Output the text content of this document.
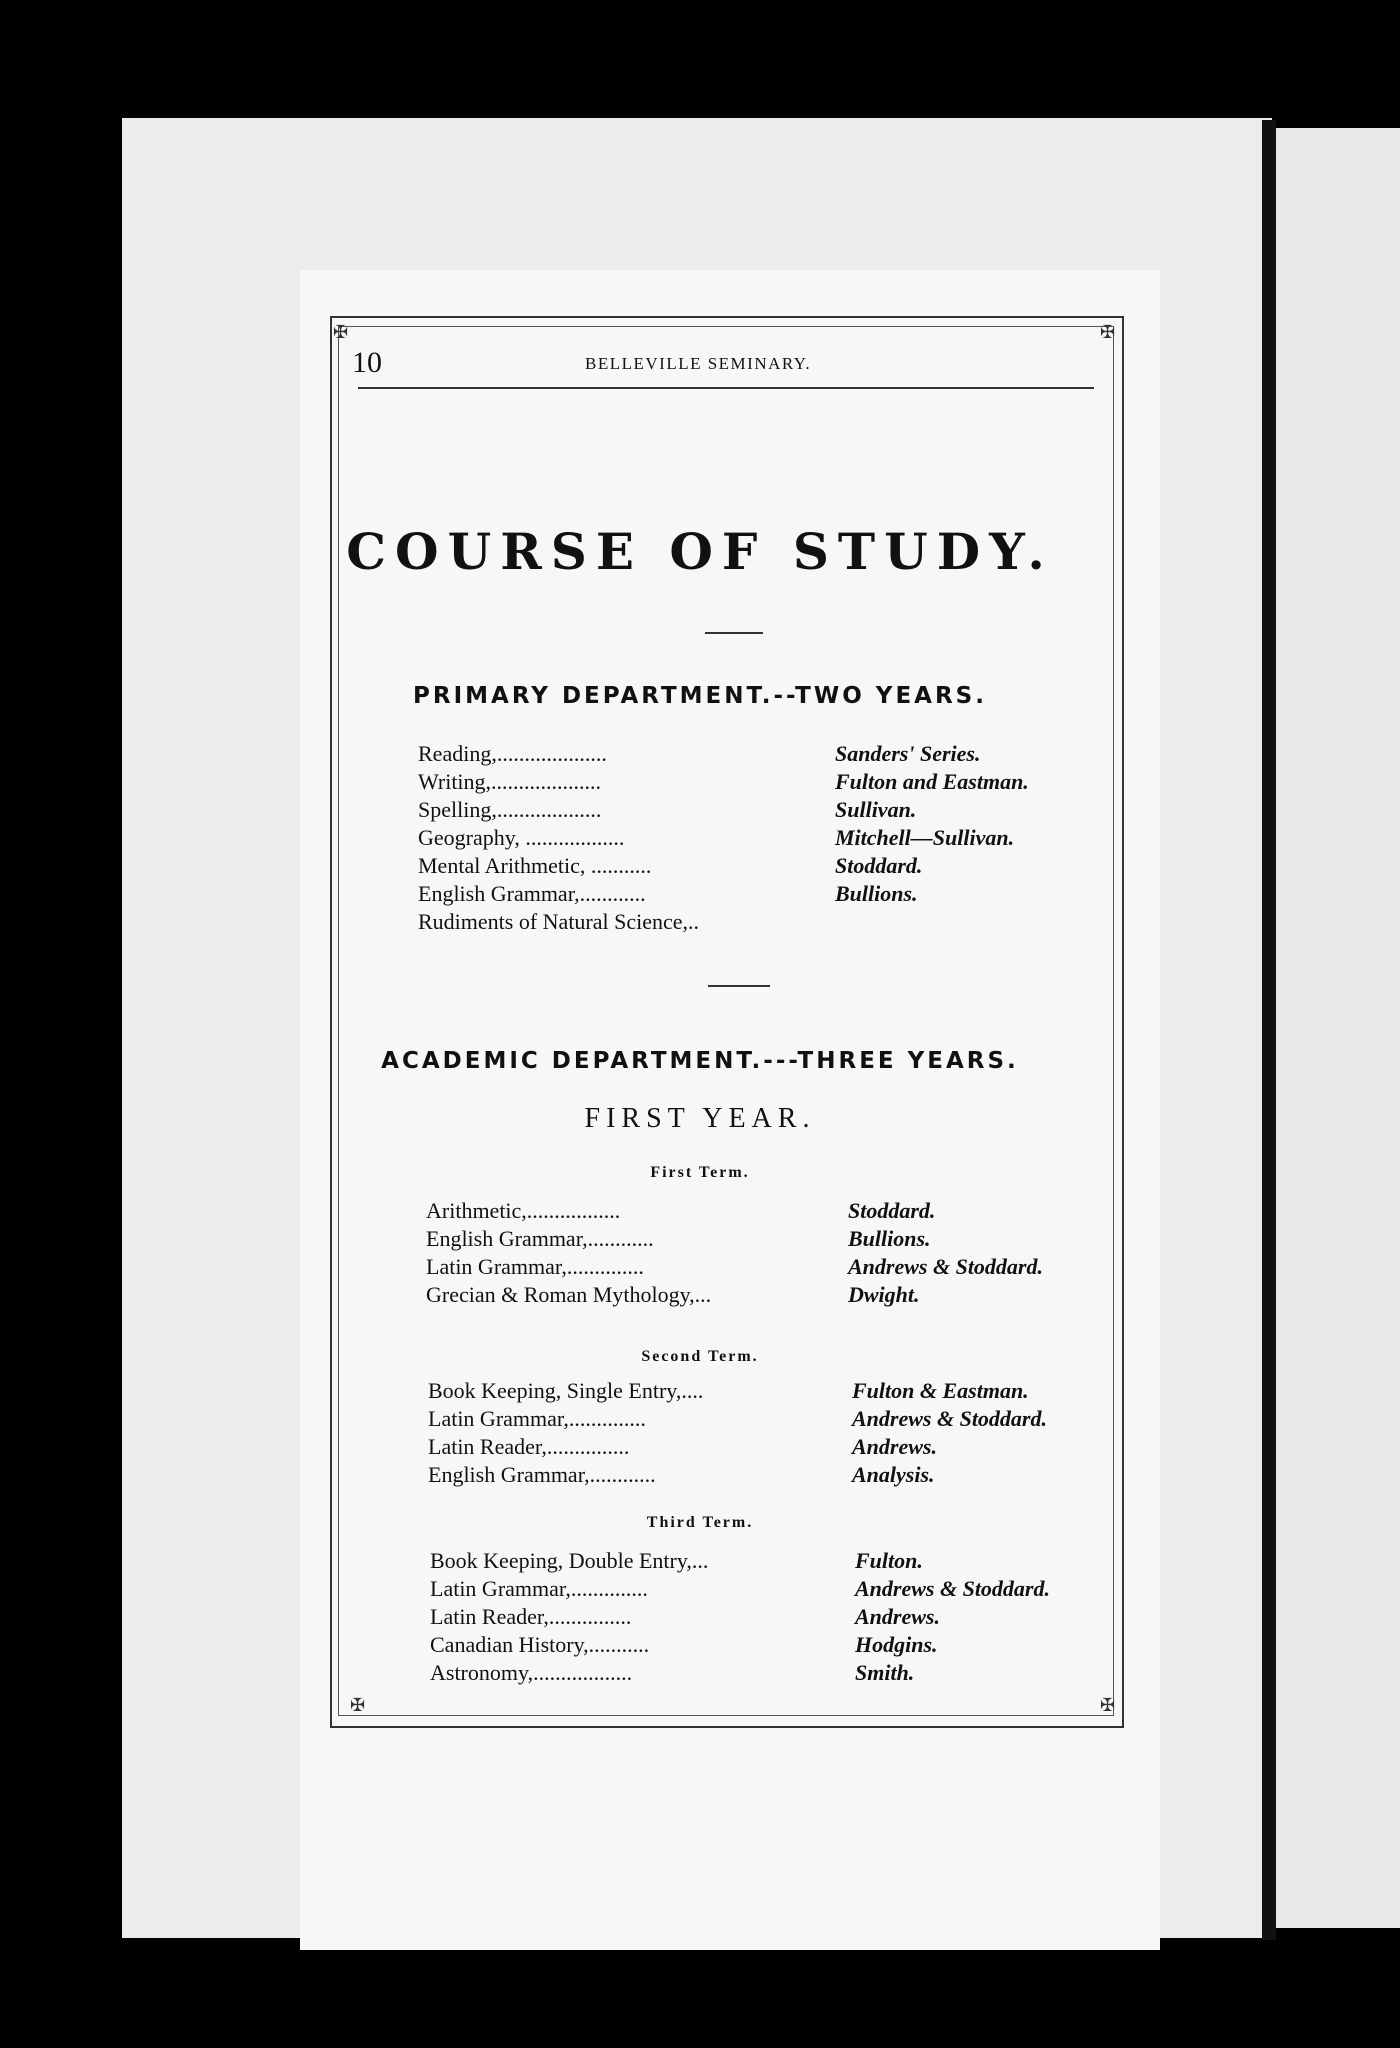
✠	✠
✠	✠
10	BELLEVILLE SEMINARY.
COURSE OF STUDY.
PRIMARY DEPARTMENT.--TWO YEARS.
Reading,....................	Sanders' Series.
Writing,....................	Fulton and Eastman.
Spelling,...................	Sullivan.
Geography, ..................	Mitchell—Sullivan.
Mental Arithmetic, ...........	Stoddard.
English Grammar,............	Bullions.
Rudiments of Natural Science,..
ACADEMIC DEPARTMENT.---THREE YEARS.
FIRST YEAR.
First Term.
Arithmetic,.................	Stoddard.
English Grammar,............	Bullions.
Latin Grammar,..............	Andrews & Stoddard.
Grecian & Roman Mythology,...	Dwight.
Second Term.
Book Keeping, Single Entry,....	Fulton & Eastman.
Latin Grammar,..............	Andrews & Stoddard.
Latin Reader,...............	Andrews.
English Grammar,............	Analysis.
Third Term.
Book Keeping, Double Entry,...	Fulton.
Latin Grammar,..............	Andrews & Stoddard.
Latin Reader,...............	Andrews.
Canadian History,...........	Hodgins.
Astronomy,..................	Smith.
